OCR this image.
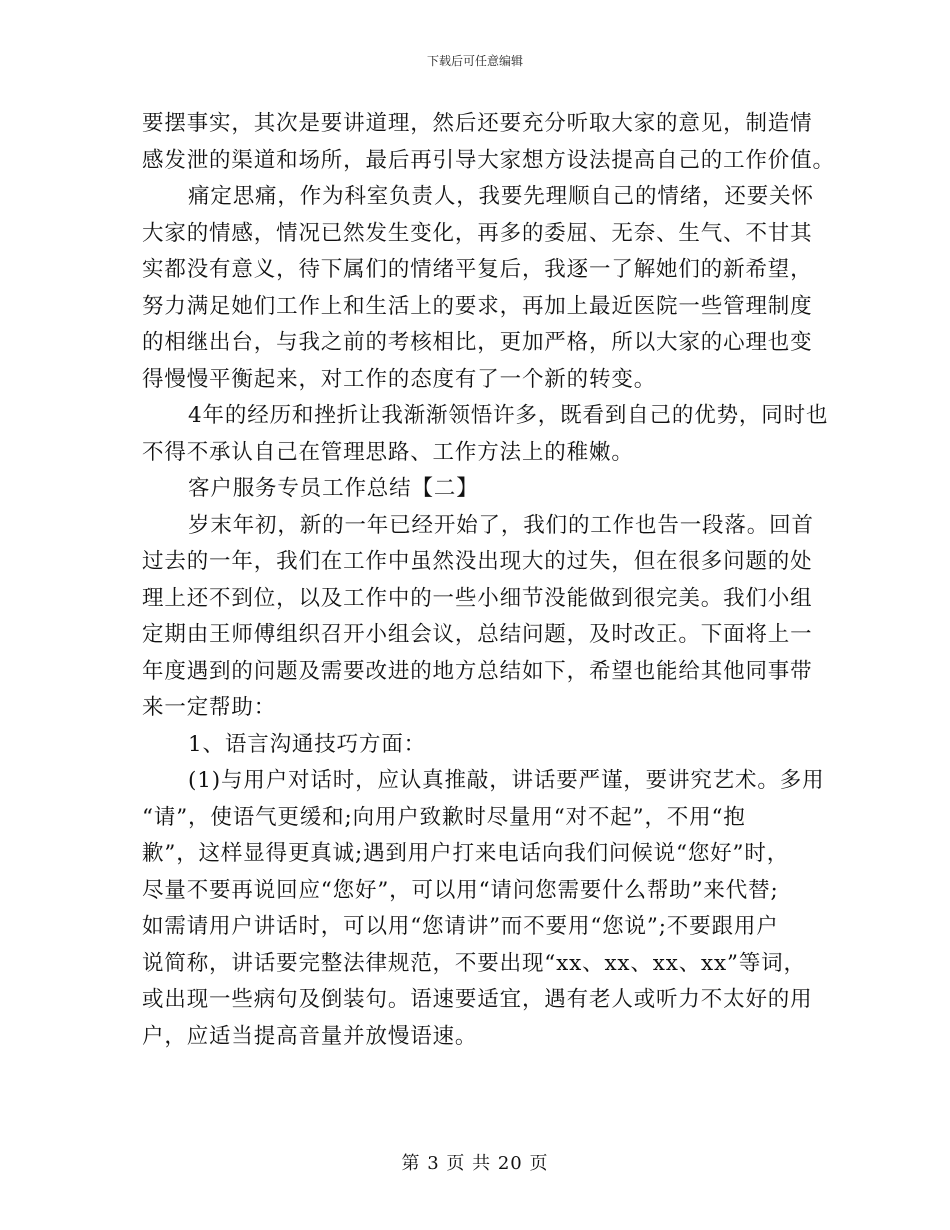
下载后可任意编辑
要摆事实，其次是要讲道理，然后还要充分听取大家的意见，制造情
感发泄的渠道和场所，最后再引导大家想方设法提高自己的工作价值。
痛定思痛，作为科室负责人，我要先理顺自己的情绪，还要关怀
大家的情感，情况已然发生变化，再多的委屈、无奈、生气、不甘其
实都没有意义，待下属们的情绪平复后，我逐一了解她们的新希望，
努力满足她们工作上和生活上的要求，再加上最近医院一些管理制度
的相继出台，与我之前的考核相比，更加严格，所以大家的心理也变
得慢慢平衡起来，对工作的态度有了一个新的转变。
4年的经历和挫折让我渐渐领悟许多，既看到自己的优势，同时也
不得不承认自己在管理思路、工作方法上的稚嫩。
客户服务专员工作总结【二】
岁末年初，新的一年已经开始了，我们的工作也告一段落。回首
过去的一年，我们在工作中虽然没出现大的过失，但在很多问题的处
理上还不到位，以及工作中的一些小细节没能做到很完美。我们小组
定期由王师傅组织召开小组会议，总结问题，及时改正。下面将上一
年度遇到的问题及需要改进的地方总结如下，希望也能给其他同事带
来一定帮助：
1、语言沟通技巧方面：
(1)与用户对话时，应认真推敲，讲话要严谨，要讲究艺术。多用
“请”，使语气更缓和;向用户致歉时尽量用“对不起”，不用“抱
歉”，这样显得更真诚;遇到用户打来电话向我们问候说“您好”时，
尽量不要再说回应“您好”，可以用“请问您需要什么帮助”来代替;
如需请用户讲话时，可以用“您请讲”而不要用“您说”;不要跟用户
说简称，讲话要完整法律规范，不要出现“xx、xx、xx、xx”等词，
或出现一些病句及倒装句。语速要适宜，遇有老人或听力不太好的用
户，应适当提高音量并放慢语速。
第 3 页 共 20 页
